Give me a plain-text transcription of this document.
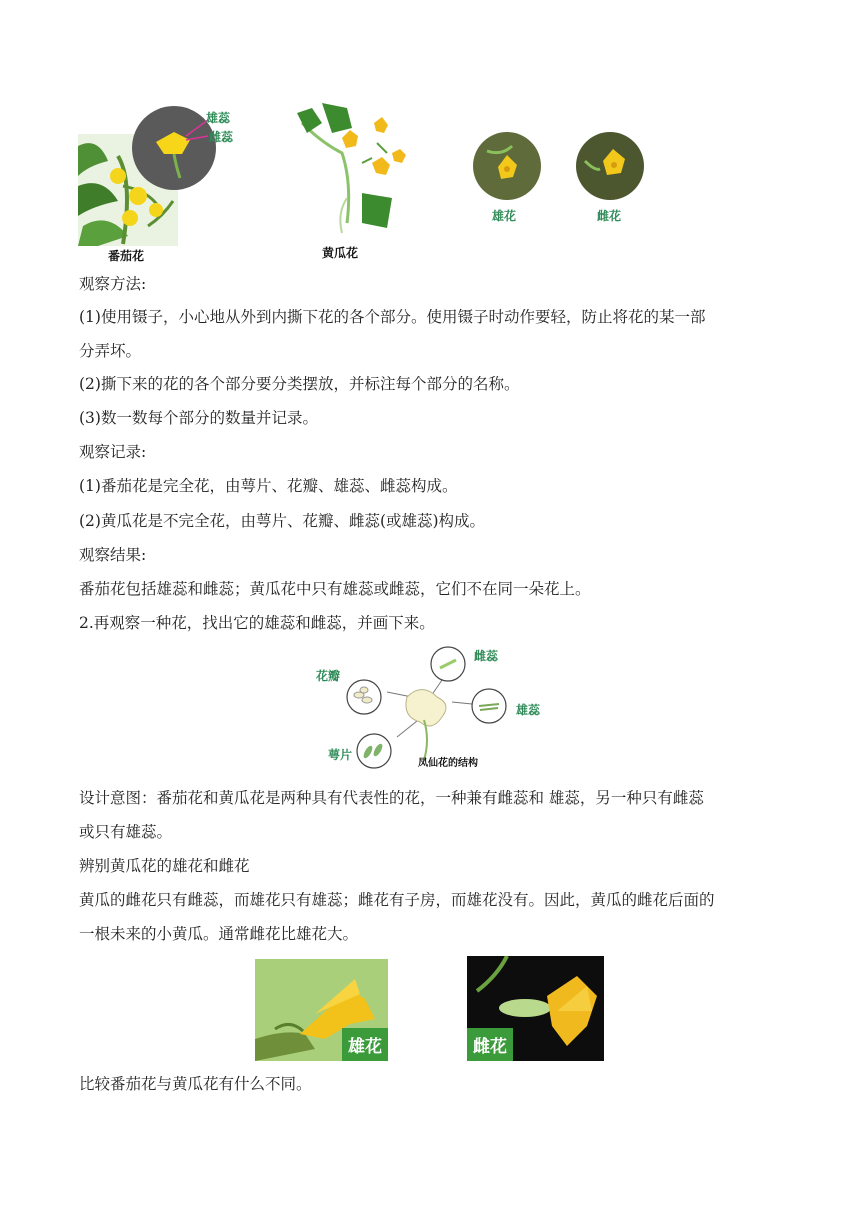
雄蕊
雌蕊
番茄花	黄瓜花
雄花	雌花
观察方法:
(1)使用镊子，小心地从外到内撕下花的各个部分。使用镊子时动作要轻，防止将花的某一部
分弄坏。
(2)撕下来的花的各个部分要分类摆放，并标注每个部分的名称。
(3)数一数每个部分的数量并记录。
观察记录:
(1)番茄花是完全花，由萼片、花瓣、雄蕊、雌蕊构成。
(2)黄瓜花是不完全花，由萼片、花瓣、雌蕊(或雄蕊)构成。
观察结果:
番茄花包括雄蕊和雌蕊；黄瓜花中只有雄蕊或雌蕊，它们不在同一朵花上。
2.再观察一种花，找出它的雄蕊和雌蕊，并画下来。
花瓣
雌蕊
雄蕊
萼片
凤仙花的结构
设计意图：番茄花和黄瓜花是两种具有代表性的花，一种兼有雌蕊和 雄蕊，另一种只有雌蕊
或只有雄蕊。
辨别黄瓜花的雄花和雌花
黄瓜的雌花只有雌蕊，而雄花只有雄蕊；雌花有子房，而雄花没有。因此，黄瓜的雌花后面的
一根未来的小黄瓜。通常雌花比雄花大。
雄花	雌花
比较番茄花与黄瓜花有什么不同。
